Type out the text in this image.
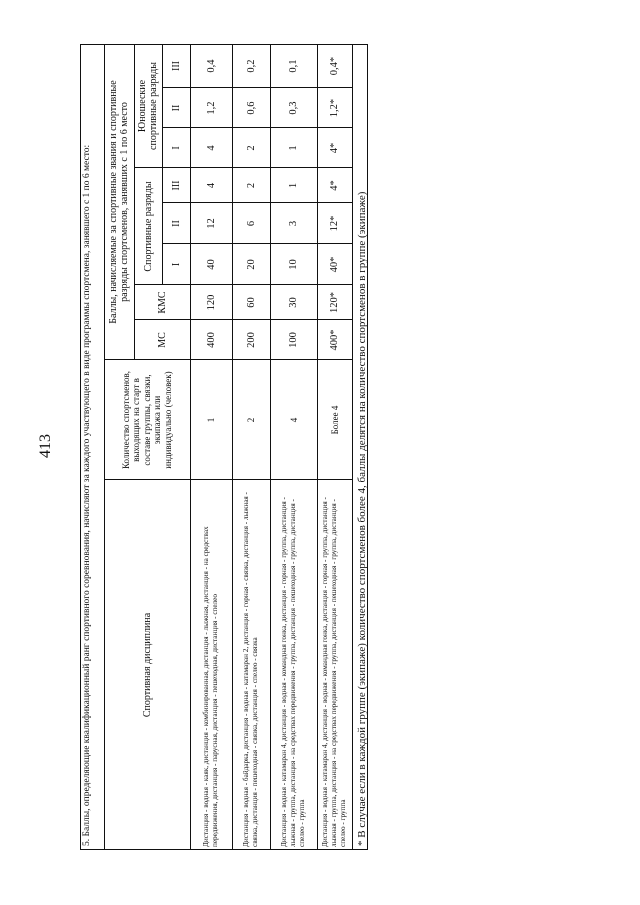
413	5. Баллы, определяющие квалификационный ранг спортивного соревнования, начисляют за каждого участвующего в виде программы спортсмена, занявшего с 1 по 6 место:	Спортивная дисциплина
Количество спортсменов, выходящих на старт в составе группы, связки, экипажа или индивидуально (человек)
Баллы, начисляемые за спортивные звания и спортивные разряды спортсменов, занявших с 1 по 6 место
МС
КМС
Спортивные разряды
Юношеские спортивные разряды
I
II
III
I
II
III
Дистанция - водная - каяк, дистанция - комбинированная, дистанция - лыжная, дистанция - на средствах передвижения, дистанция - парусная, дистанция - пешеходная, дистанция - спелео
1
400
120
40
12
4
4
1,2
0,4
Дистанция - водная - байдарка, дистанция - водная - катамаран 2, дистанция - горная - связка, дистанция - лыжная - связка, дистанция - пешеходная - связка, дистанция - спелео - связка
2
200
60
20
6
2
2
0,6
0,2
Дистанция - водная - катамаран 4, дистанция - водная - командная гонка, дистанция - горная - группа, дистанция - лыжная - группа, дистанция - на средствах передвижения - группа, дистанция - пешеходная - группа, дистанция - спелео - группа
4
100
30
10
3
1
1
0,3
0,1
Дистанция - водная - катамаран 4, дистанция - водная - командная гонка, дистанция - горная - группа, дистанция - лыжная - группа, дистанция - на средствах передвижения - группа, дистанция - пешеходная - группа, дистанция - спелео - группа
Более 4
400*
120*
40*
12*
4*
4*
1,2*
0,4*
* В случае если в каждой группе (экипаже) количество спортсменов более 4, баллы делятся на количество спортсменов в группе (экипаже)
